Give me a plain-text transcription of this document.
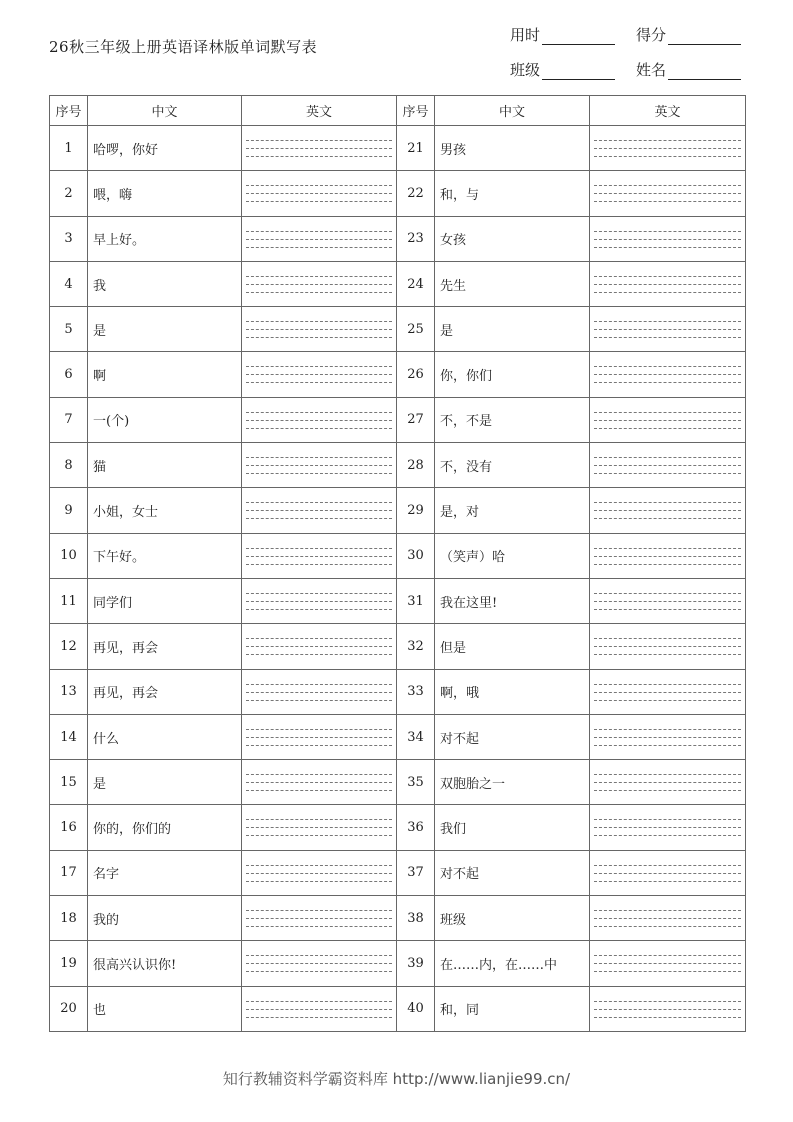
26秋三年级上册英语译林版单词默写表
用时	得分
班级	姓名
序号	中文	英文	序号	中文	英文
1	哈啰，你好		21	男孩	

2	喂，嗨		22	和，与	

3	早上好。		23	女孩	

4	我		24	先生	

5	是		25	是	

6	啊		26	你，你们	

7	一(个)		27	不，不是	

8	猫		28	不，没有	

9	小姐，女士		29	是，对	

10	下午好。		30	（笑声）哈	

11	同学们		31	我在这里!	

12	再见，再会		32	但是	

13	再见，再会		33	啊，哦	

14	什么		34	对不起	

15	是		35	双胞胎之一	

16	你的，你们的		36	我们	

17	名字		37	对不起	

18	我的		38	班级	

19	很高兴认识你!		39	在……内，在……中	

20	也		40	和，同	
知行教辅资料学霸资料库 http://www.lianjie99.cn/
